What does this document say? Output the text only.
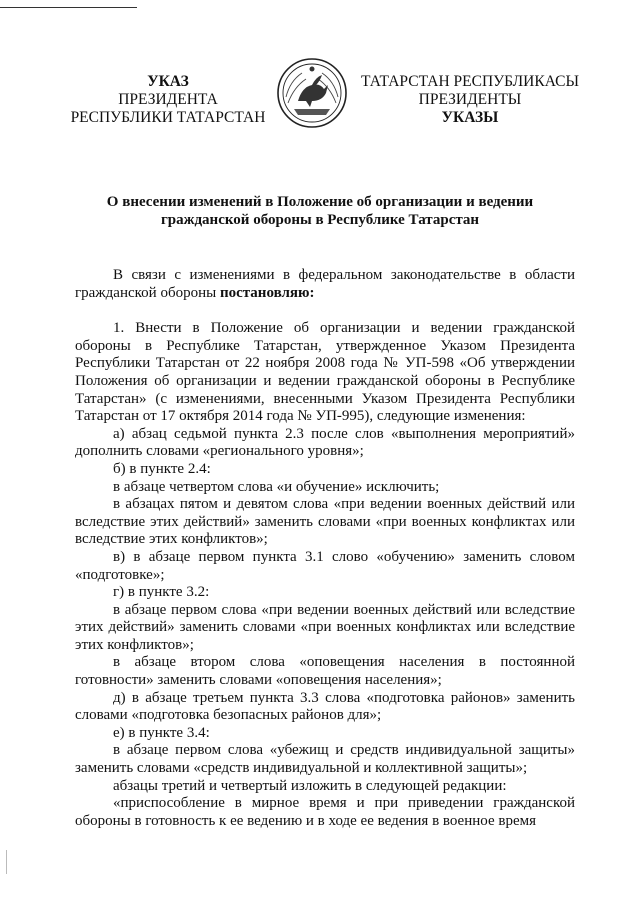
УКАЗ
ПРЕЗИДЕНТА
РЕСПУБЛИКИ ТАТАРСТАН
ТАТАРСТАН РЕСПУБЛИКАСЫ
ПРЕЗИДЕНТЫ
УКАЗЫ
О внесении изменений в Положение об организации и ведении
гражданской обороны в Республике Татарстан

В связи с изменениями в федеральном законодательстве в области гражданской обороны постановляю:

1. Внести в Положение об организации и ведении гражданской обороны в Республике Татарстан, утвержденное Указом Президента Республики Татарстан от 22 ноября 2008 года № УП-598 «Об утверждении Положения об организации и ведении гражданской обороны в Республике Татарстан» (с изменениями, внесенными Указом Президента Республики Татарстан от 17 октября 2014 года № УП-995), следующие изменения:

а) абзац седьмой пункта 2.3 после слов «выполнения мероприятий» дополнить словами «регионального уровня»;

б) в пункте 2.4:

в абзаце четвертом слова «и обучение» исключить;

в абзацах пятом и девятом слова «при ведении военных действий или вследствие этих действий» заменить словами «при военных конфликтах или вследствие этих конфликтов»;

в) в абзаце первом пункта 3.1 слово «обучению» заменить словом «подготовке»;

г) в пункте 3.2:

в абзаце первом слова «при ведении военных действий или вследствие этих действий» заменить словами «при военных конфликтах или вследствие этих конфликтов»;

в абзаце втором слова «оповещения населения в постоянной готовности» заменить словами «оповещения населения»;

д) в абзаце третьем пункта 3.3 слова «подготовка районов» заменить словами «подготовка безопасных районов для»;

е) в пункте 3.4:

в абзаце первом слова «убежищ и средств индивидуальной защиты» заменить словами «средств индивидуальной и коллективной защиты»;

абзацы третий и четвертый изложить в следующей редакции:

«приспособление в мирное время и при приведении гражданской обороны в готовность к ее ведению и в ходе ее ведения в военное время
